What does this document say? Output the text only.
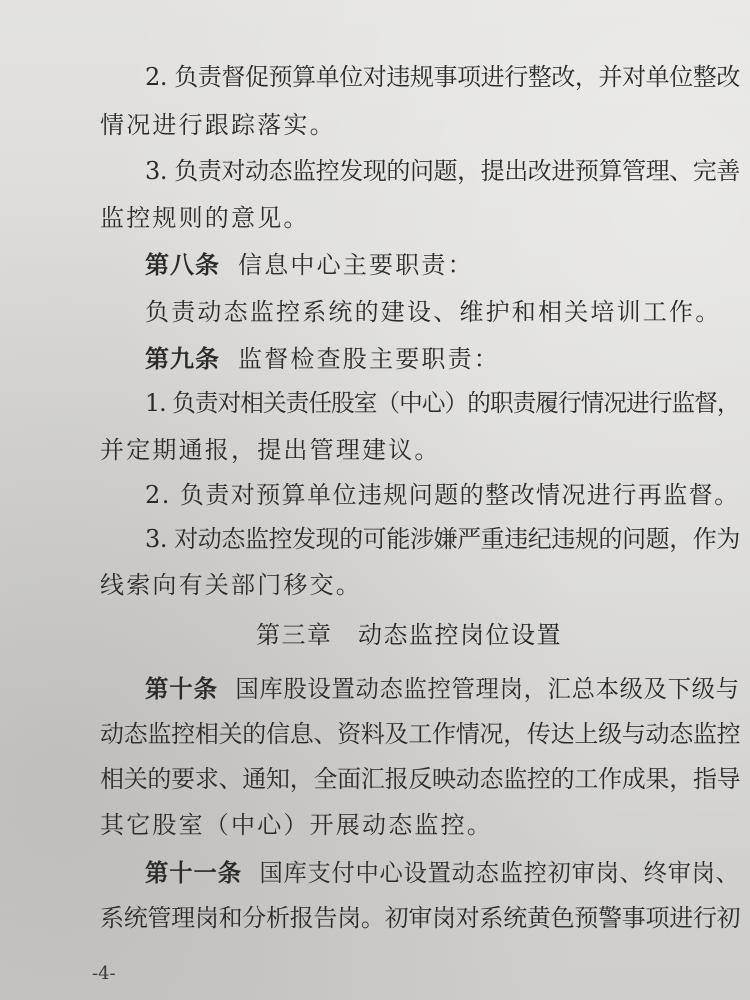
2. 负责督促预算单位对违规事项进行整改，并对单位整改
情况进行跟踪落实。
3. 负责对动态监控发现的问题，提出改进预算管理、完善
监控规则的意见。
第八条 信息中心主要职责：
负责动态监控系统的建设、维护和相关培训工作。
第九条 监督检查股主要职责：
1. 负责对相关责任股室（中心）的职责履行情况进行监督，
并定期通报，提出管理建议。
2. 负责对预算单位违规问题的整改情况进行再监督。
3. 对动态监控发现的可能涉嫌严重违纪违规的问题，作为
线索向有关部门移交。
第三章　动态监控岗位设置
第十条 国库股设置动态监控管理岗，汇总本级及下级与
动态监控相关的信息、资料及工作情况，传达上级与动态监控
相关的要求、通知，全面汇报反映动态监控的工作成果，指导
其它股室（中心）开展动态监控。
第十一条 国库支付中心设置动态监控初审岗、终审岗、
系统管理岗和分析报告岗。初审岗对系统黄色预警事项进行初
-4-
